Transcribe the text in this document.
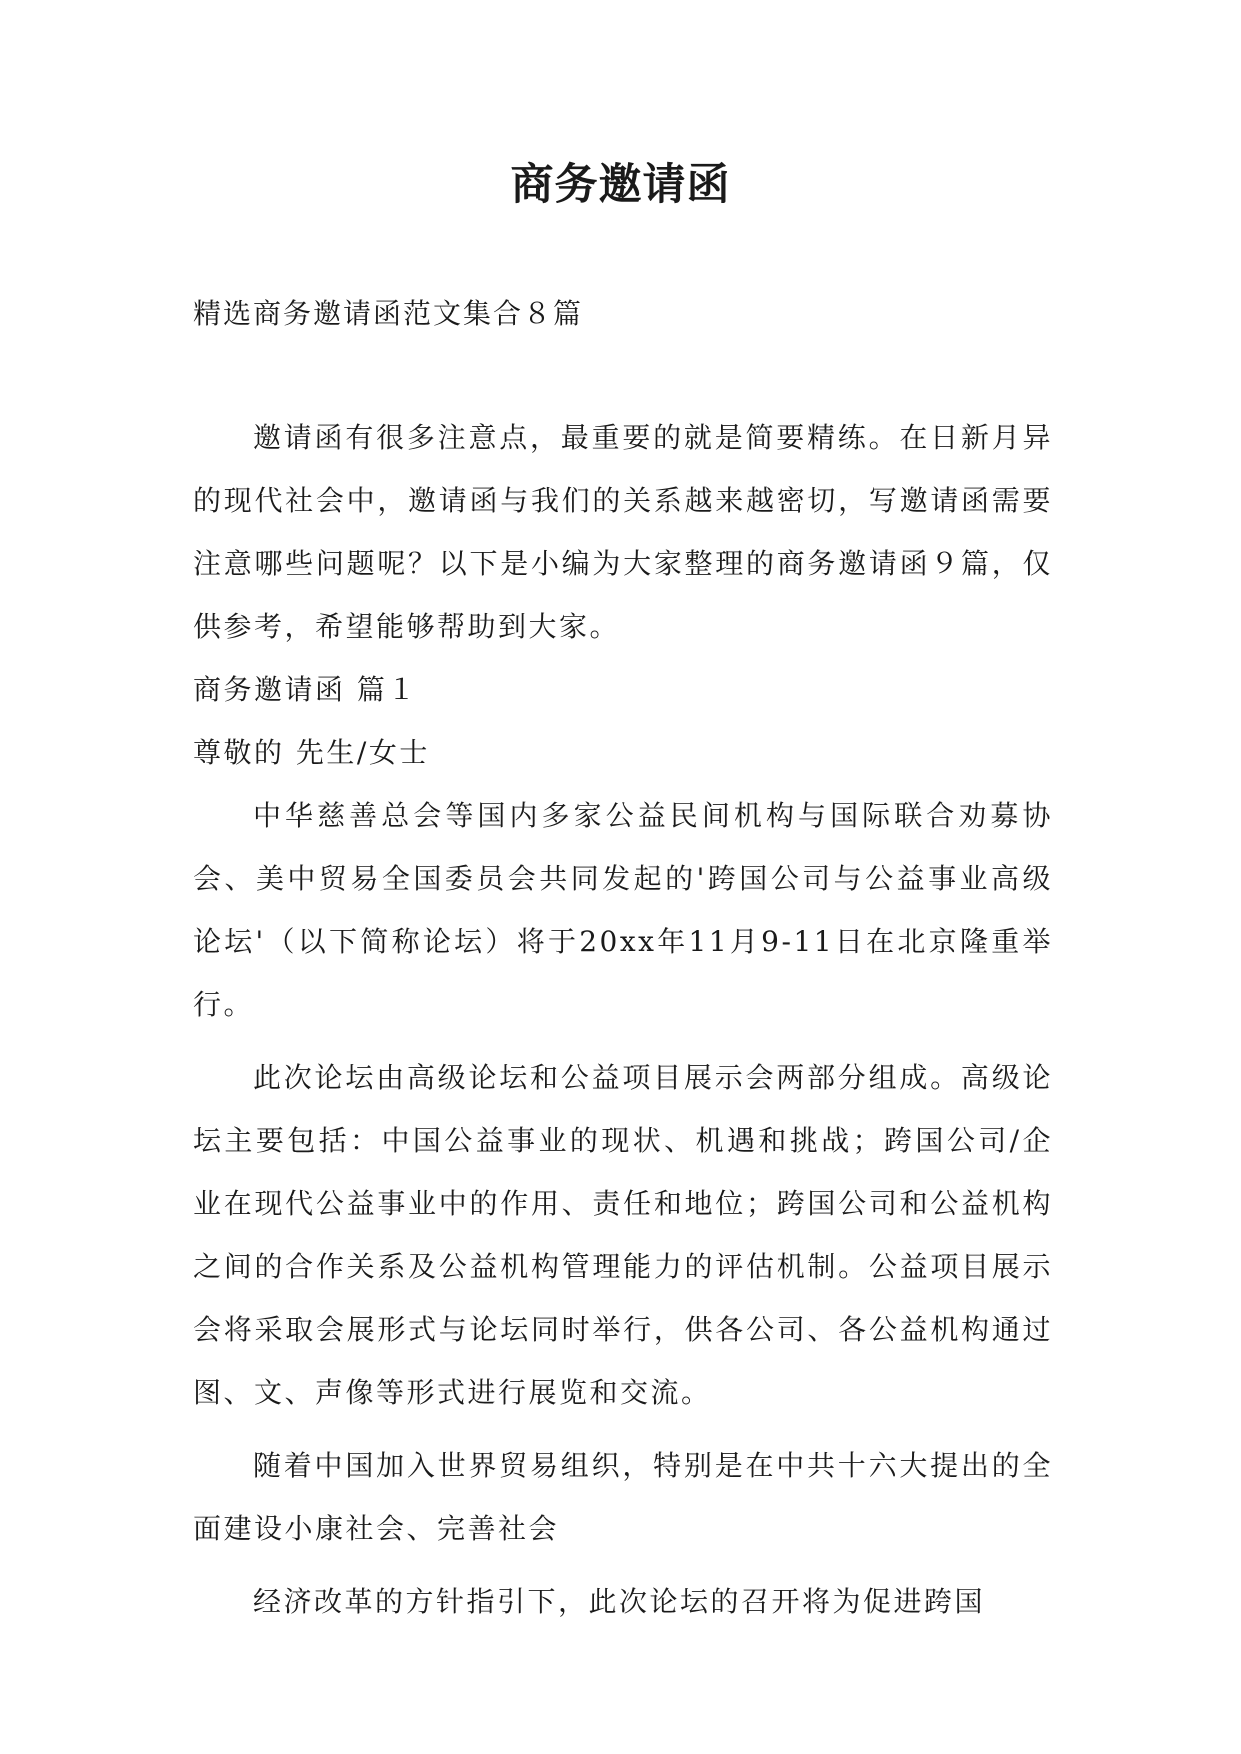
商务邀请函

精选商务邀请函范文集合８篇

邀请函有很多注意点，最重要的就是简要精练。在日新月异的现代社会中，邀请函与我们的关系越来越密切，写邀请函需要注意哪些问题呢？以下是小编为大家整理的商务邀请函９篇，仅供参考，希望能够帮助到大家。

商务邀请函 篇１

尊敬的 先生/女士

中华慈善总会等国内多家公益民间机构与国际联合劝募协会、美中贸易全国委员会共同发起的'跨国公司与公益事业高级论坛'（以下简称论坛）将于20xx年11月9-11日在北京隆重举行。

此次论坛由高级论坛和公益项目展示会两部分组成。高级论坛主要包括：中国公益事业的现状、机遇和挑战；跨国公司/企业在现代公益事业中的作用、责任和地位；跨国公司和公益机构之间的合作关系及公益机构管理能力的评估机制。公益项目展示会将采取会展形式与论坛同时举行，供各公司、各公益机构通过图、文、声像等形式进行展览和交流。

随着中国加入世界贸易组织，特别是在中共十六大提出的全面建设小康社会、完善社会

经济改革的方针指引下，此次论坛的召开将为促进跨国
